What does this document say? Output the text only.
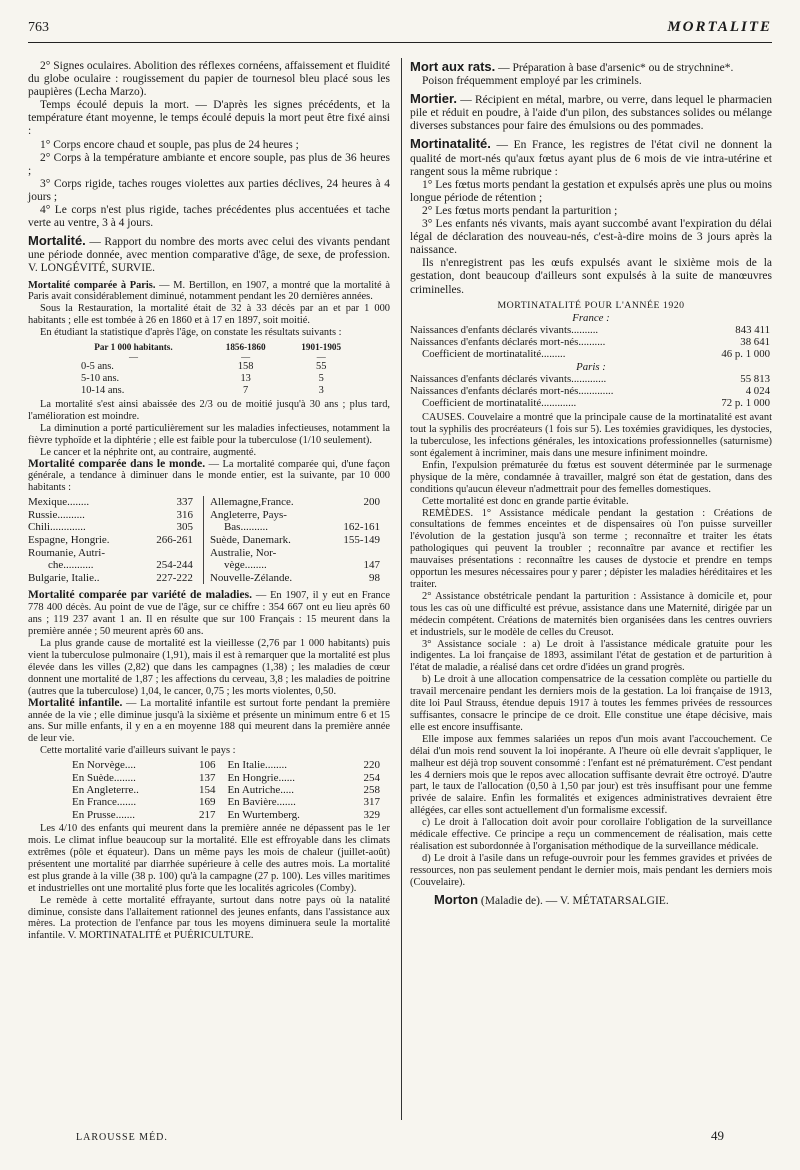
763	MORTALITE

2° Signes oculaires. Abolition des réflexes cornéens, affaissement et fluidité du globe oculaire : rougissement du papier de tournesol bleu placé sous les paupières (Lecha Marzo).

Temps écoulé depuis la mort. — D'après les signes précédents, et la température étant moyenne, le temps écoulé depuis la mort peut être fixé ainsi :

1° Corps encore chaud et souple, pas plus de 24 heures ;

2° Corps à la température ambiante et encore souple, pas plus de 36 heures ;

3° Corps rigide, taches rouges violettes aux parties déclives, 24 heures à 4 jours ;

4° Le corps n'est plus rigide, taches précédentes plus accentuées et tache verte au ventre, 3 à 4 jours.

Mortalité. — Rapport du nombre des morts avec celui des vivants pendant une période donnée, avec mention comparative d'âge, de sexe, de profession. V. LONGÉVITÉ, SURVIE.

Mortalité comparée à Paris. — M. Bertillon, en 1907, a montré que la mortalité à Paris avait considérablement diminué, notamment pendant les 20 dernières années.

Sous la Restauration, la mortalité était de 32 à 33 décès par an et par 1 000 habitants ; elle est tombée à 26 en 1860 et à 17 en 1897, soit moitié.

En étudiant la statistique d'après l'âge, on constate les résultats suivants :

Par 1 000 habitants.	1856-1860	1901-1905
—	—	—
0-5 ans.	158	55
5-10 ans.	13	5
10-14 ans.	7	3

La mortalité s'est ainsi abaissée des 2/3 ou de moitié jusqu'à 30 ans ; plus tard, l'amélioration est moindre.

La diminution a porté particulièrement sur les maladies infectieuses, notamment la fièvre typhoïde et la diphtérie ; elle est faible pour la tuberculose (1/10 seulement).

Le cancer et la néphrite ont, au contraire, augmenté.

Mortalité comparée dans le monde. — La mortalité comparée qui, d'une façon générale, a tendance à diminuer dans le monde entier, est la suivante, par 10 000 habitants :

Mexique........	337	Allemagne,France.	200
Russie..........	316	Angleterre, Pays-	
Chili.............	305	Bas..........	162-161
Espagne, Hongrie.	266-261	Suède, Danemark.	155-149
Roumanie, Autri-		Australie, Nor-	
che...........	254-244	vège........	147
Bulgarie, Italie..	227-222	Nouvelle-Zélande.	98

Mortalité comparée par variété de maladies. — En 1907, il y eut en France 778 400 décès. Au point de vue de l'âge, sur ce chiffre : 354 667 ont eu lieu après 60 ans ; 119 237 avant 1 an. Il en résulte que sur 100 Français : 15 meurent dans la première année ; 50 meurent après 60 ans.

La plus grande cause de mortalité est la vieillesse (2,76 par 1 000 habitants) puis vient la tuberculose pulmonaire (1,91), mais il est à remarquer que la mortalité est plus élevée dans les villes (2,82) que dans les campagnes (1,38) ; les maladies de cœur donnent une mortalité de 1,87 ; les affections du cerveau, 3,8 ; les maladies de poitrine (autres que la tuberculose) 1,04, le cancer, 0,75 ; les morts violentes, 0,50.

Mortalité infantile. — La mortalité infantile est surtout forte pendant la première année de la vie ; elle diminue jusqu'à la sixième et présente un minimum entre 6 et 15 ans. Sur mille enfants, il y en a en moyenne 188 qui meurent dans la première année de leur vie.

Cette mortalité varie d'ailleurs suivant le pays :

En Norvège....	106	En Italie........	220
En Suède........	137	En Hongrie......	254
En Angleterre..	154	En Autriche.....	258
En France.......	169	En Bavière.......	317
En Prusse.......	217	En Wurtemberg.	329

Les 4/10 des enfants qui meurent dans la première année ne dépassent pas le 1er mois. Le climat influe beaucoup sur la mortalité. Elle est effroyable dans les climats extrêmes (pôle et équateur). Dans un même pays les mois de chaleur (juillet-août) présentent une mortalité par diarrhée supérieure à celle des autres mois. La mortalité est plus grande à la ville (38 p. 100) qu'à la campagne (27 p. 100). Les villes maritimes et industrielles ont une mortalité plus forte que les localités agricoles (Comby).

Le remède à cette mortalité effrayante, surtout dans notre pays où la natalité diminue, consiste dans l'allaitement rationnel des jeunes enfants, dans l'assistance aux mères. La protection de l'enfance par tous les moyens diminuera seule la mortalité infantile. V. MORTINATALITÉ et PUÉRICULTURE.

Mort aux rats. — Préparation à base d'arsenic* ou de strychnine*.

Poison fréquemment employé par les criminels.

Mortier. — Récipient en métal, marbre, ou verre, dans lequel le pharmacien pile et réduit en poudre, à l'aide d'un pilon, des substances solides ou mélange diverses substances pour faire des émulsions ou des pommades.

Mortinatalité. — En France, les registres de l'état civil ne donnent la qualité de mort-nés qu'aux fœtus ayant plus de 6 mois de vie intra-utérine et rangent sous la même rubrique :

1° Les fœtus morts pendant la gestation et expulsés après une plus ou moins longue période de rétention ;

2° Les fœtus morts pendant la parturition ;

3° Les enfants nés vivants, mais ayant succombé avant l'expiration du délai légal de déclaration des nouveau-nés, c'est-à-dire moins de 3 jours après la naissance.

Ils n'enregistrent pas les œufs expulsés avant le sixième mois de la gestation, dont beaucoup d'ailleurs sont expulsés à la suite de manœuvres criminelles.

MORTINATALITÉ POUR L'ANNÉE 1920
France :
Naissances d'enfants déclarés vivants..........	843 411
Naissances d'enfants déclarés mort-nés..........	38 641
Coefficient de mortinatalité.........	46 p. 1 000
Paris :
Naissances d'enfants déclarés vivants.............	55 813
Naissances d'enfants déclarés mort-nés.............	4 024
Coefficient de mortinatalité.............	72 p. 1 000

CAUSES. Couvelaire a montré que la principale cause de la mortinatalité est avant tout la syphilis des procréateurs (1 fois sur 5). Les toxémies gravidiques, les dystocies, la tuberculose, les infections générales, les intoxications professionnelles (saturnisme) sont également à incriminer, mais dans une mesure infiniment moindre.

Enfin, l'expulsion prématurée du fœtus est souvent déterminée par le surmenage physique de la mère, condamnée à travailler, malgré son état de gestation, dans des conditions qu'aucun éleveur n'admettrait pour des femelles domestiques.

Cette mortalité est donc en grande partie évitable.

REMÈDES. 1° Assistance médicale pendant la gestation : Créations de consultations de femmes enceintes et de dispensaires où l'on puisse surveiller l'évolution de la gestation jusqu'à son terme ; reconnaître et traiter les états pathologiques qui peuvent la troubler ; reconnaître par avance et rectifier les mauvaises présentations : reconnaître les causes de dystocie et prendre en temps opportun les mesures nécessaires pour y parer ; dépister les maladies héréditaires et les traiter.

2° Assistance obstétricale pendant la parturition : Assistance à domicile et, pour tous les cas où une difficulté est prévue, assistance dans une Maternité, dirigée par un médecin compétent. Créations de maternités bien organisées dans les centres ouvriers et industriels, sur le modèle de celles du Creusot.

3° Assistance sociale : a) Le droit à l'assistance médicale gratuite pour les indigentes. La loi française de 1893, assimilant l'état de gestation et de parturition à l'état de maladie, a réalisé dans cet ordre d'idées un grand progrès.

b) Le droit à une allocation compensatrice de la cessation complète ou partielle du travail mercenaire pendant les derniers mois de la gestation. La loi française de 1913, dite loi Paul Strauss, étendue depuis 1917 à toutes les femmes privées de ressources suffisantes, consacre le principe de ce droit. Elle constitue une étape décisive, mais elle est encore insuffisante.

Elle impose aux femmes salariées un repos d'un mois avant l'accouchement. Ce délai d'un mois rend souvent la loi inopérante. A l'heure où elle devrait s'appliquer, le malheur est déjà trop souvent consommé : l'enfant est né prématurément. C'est pendant les 4 derniers mois que le repos avec allocation suffisante devrait être octroyé. D'autre part, le taux de l'allocation (0,50 à 1,50 par jour) est très insuffisant pour une femme privée de salaire. Enfin les formalités et exigences administratives devraient être allégées, car elles sont actuellement d'un formalisme excessif.

c) Le droit à l'allocation doit avoir pour corollaire l'obligation de la surveillance médicale effective. Ce principe a reçu un commencement de réalisation, mais cette réalisation est subordonnée à l'organisation méthodique de la surveillance médicale.

d) Le droit à l'asile dans un refuge-ouvroir pour les femmes gravides et privées de ressources, non pas seulement pendant le dernier mois, mais pendant les derniers mois (Couvelaire).

Morton (Maladie de). — V. MÉTATARSALGIE.

LAROUSSE MÉD.	49
